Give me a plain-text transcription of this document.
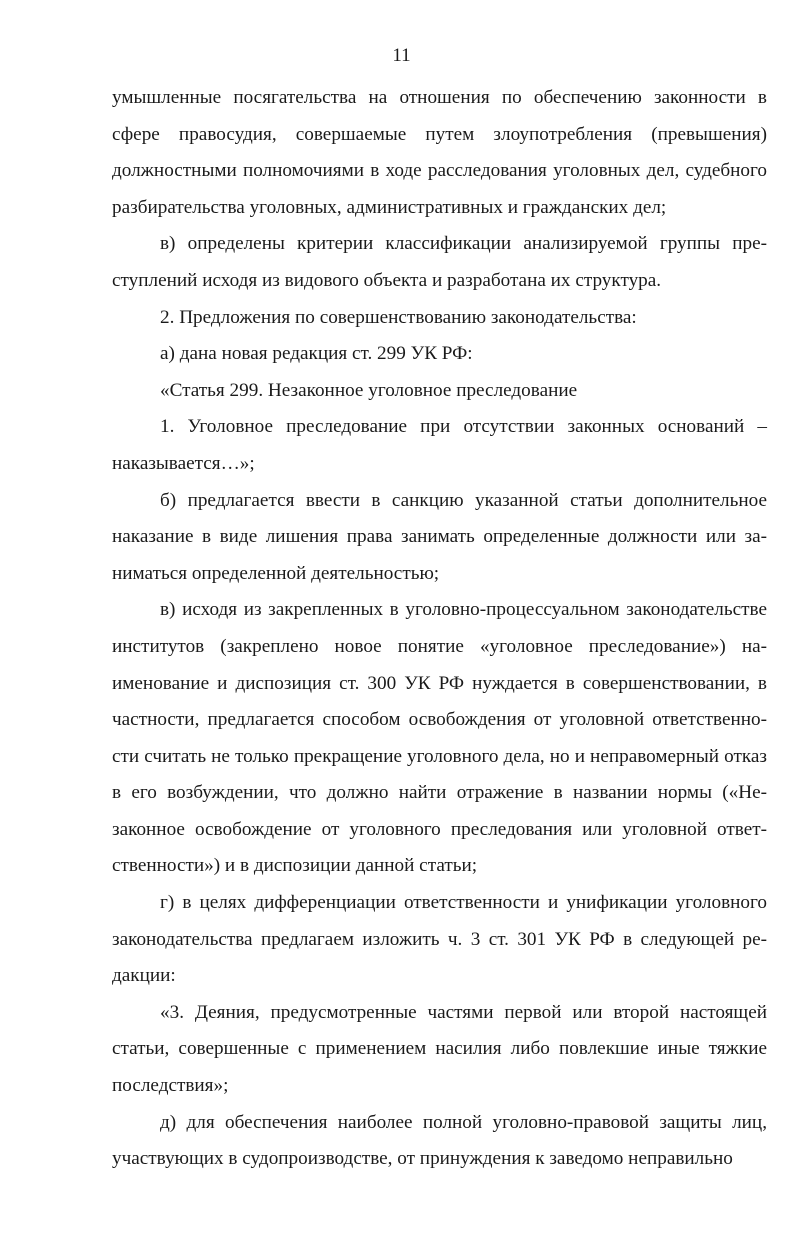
11

умышленные посягательства на отношения по обеспечению законности в сфере правосудия, совершаемые путем злоупотребления (превышения) должностными полномочиями в ходе расследования уголовных дел, судебного разбирательства уголовных, административных и гражданских дел;

в) определены критерии классификации анализируемой группы преступлений исходя из видового объекта и разработана их структура.

2. Предложения по совершенствованию законодательства:

а) дана новая редакция ст. 299 УК РФ:

«Статья 299. Незаконное уголовное преследование

1. Уголовное преследование при отсутствии законных оснований – наказывается…»;

б) предлагается ввести в санкцию указанной статьи дополнительное наказание в виде лишения права занимать определенные должности или заниматься определенной деятельностью;

в) исходя из закрепленных в уголовно-процессуальном законодательстве институтов (закреплено новое понятие «уголовное преследование») наименование и диспозиция ст. 300 УК РФ нуждается в совершенствовании, в частности, предлагается способом освобождения от уголовной ответственности считать не только прекращение уголовного дела, но и неправомерный отказ в его возбуждении, что должно найти отражение в названии нормы («Незаконное освобождение от уголовного преследования или уголовной ответственности») и в диспозиции данной статьи;

г) в целях дифференциации ответственности и унификации уголовного законодательства предлагаем изложить ч. 3 ст. 301 УК РФ в следующей редакции:

«3. Деяния, предусмотренные частями первой или второй настоящей статьи, совершенные с применением насилия либо повлекшие иные тяжкие последствия»;

д) для обеспечения наиболее полной уголовно-правовой защиты лиц, участвующих в судопроизводстве, от принуждения к заведомо неправильно
